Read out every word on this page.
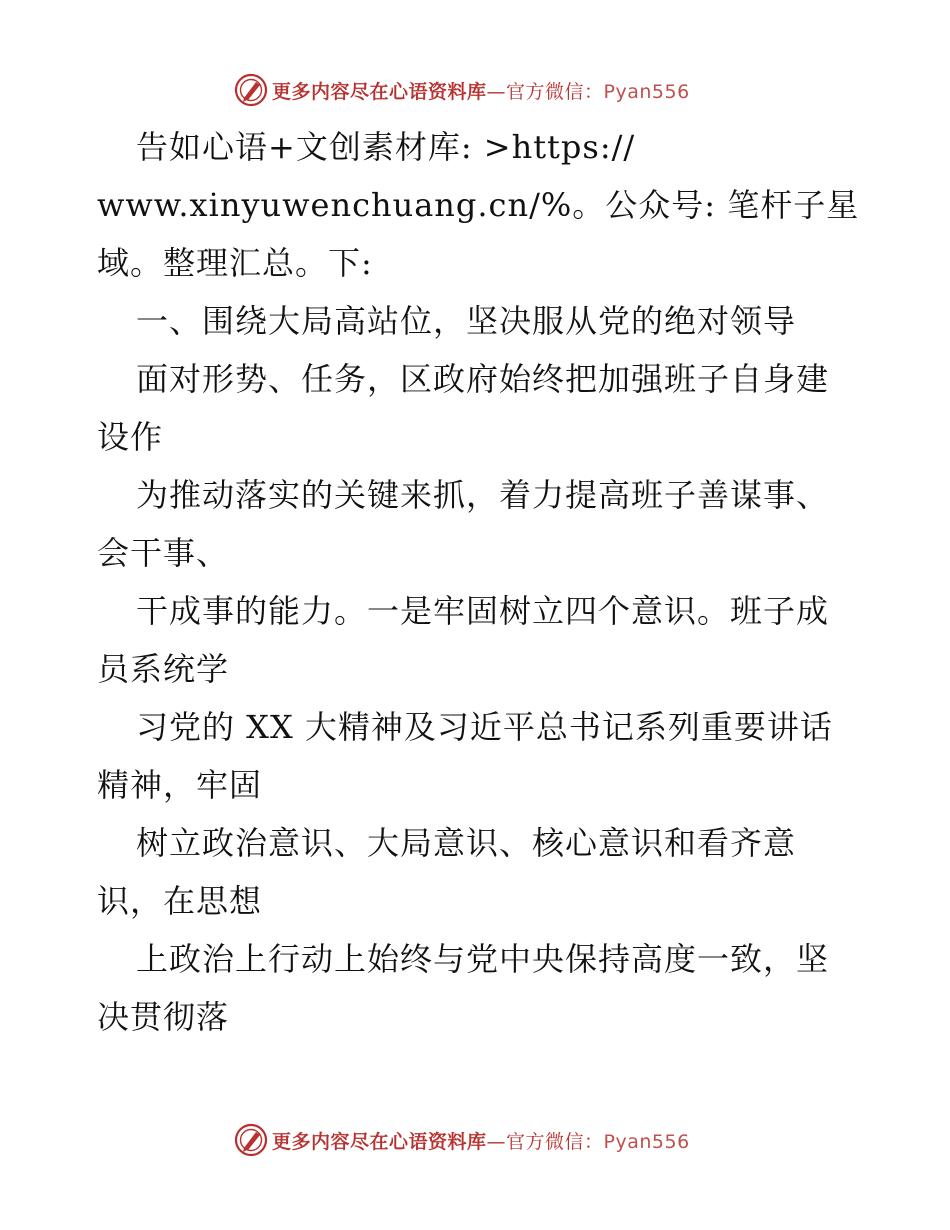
更多内容尽在心语资料库—官方微信：Pyan556
告如心语+文创素材库: >https://
www.xinyuwenchuang.cn/%。公众号: 笔杆子星
域。整理汇总。下:
一、围绕大局高站位，坚决服从党的绝对领导
面对形势、任务，区政府始终把加强班子自身建
设作
为推动落实的关键来抓，着力提高班子善谋事、
会干事、
干成事的能力。一是牢固树立四个意识。班子成
员系统学
习党的 XX 大精神及习近平总书记系列重要讲话
精神，牢固
树立政治意识、大局意识、核心意识和看齐意
识，在思想
上政治上行动上始终与党中央保持高度一致，坚
决贯彻落
更多内容尽在心语资料库—官方微信：Pyan556
